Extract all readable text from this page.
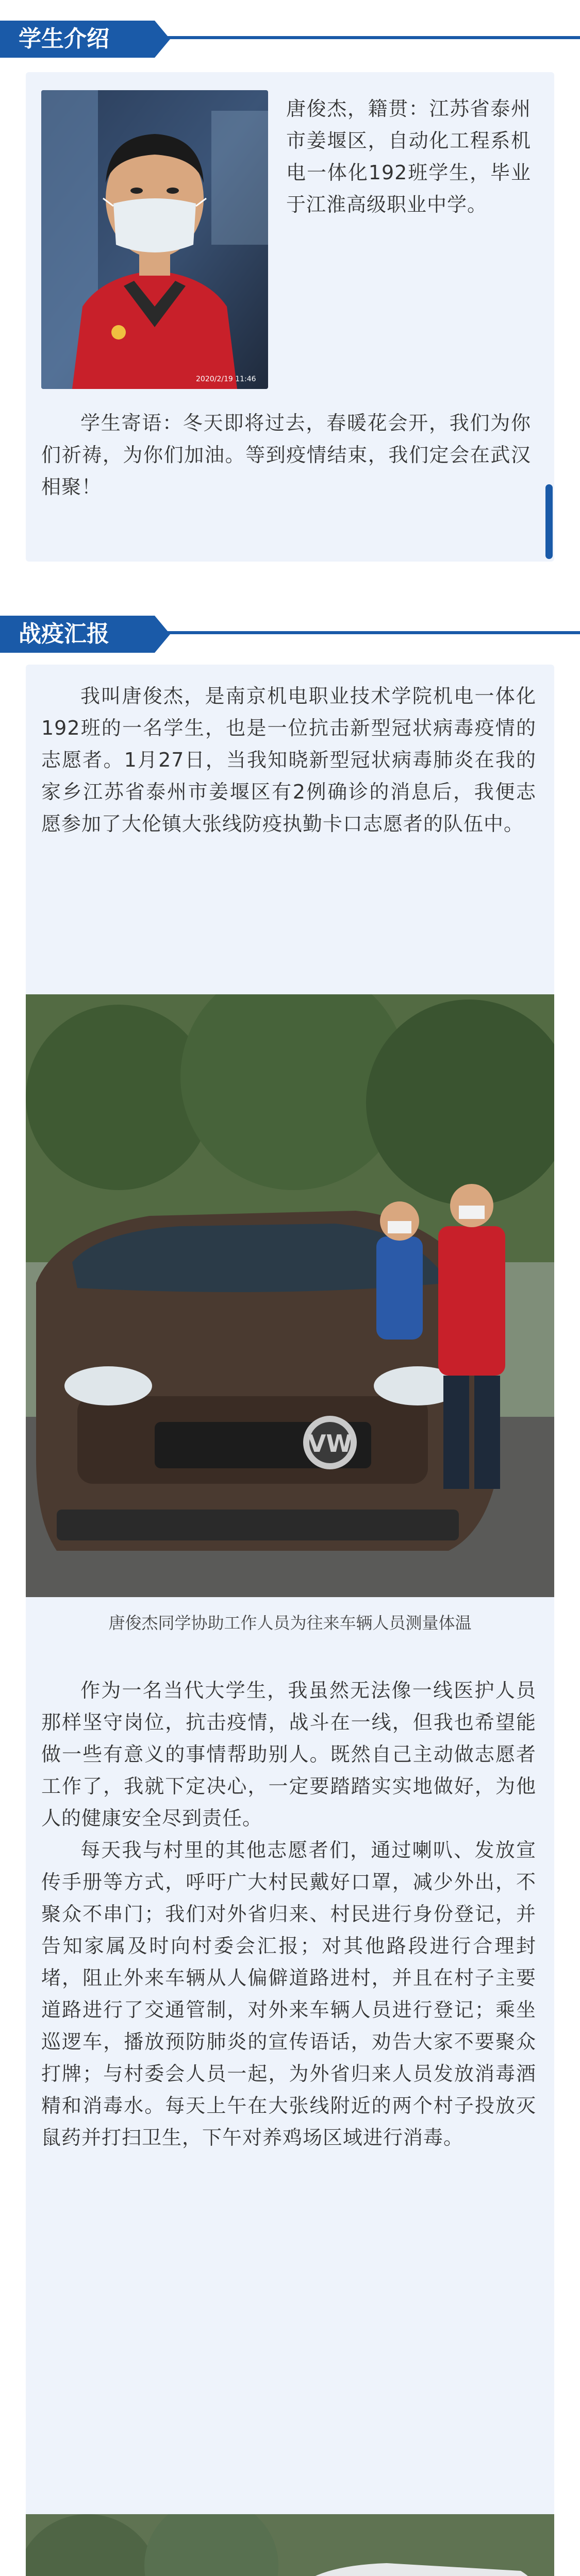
学生介绍
2020/2/19 11:46
唐俊杰，籍贯：江苏省泰州市姜堰区，自动化工程系机电一体化192班学生，毕业于江淮高级职业中学。
学生寄语：冬天即将过去，春暖花会开，我们为你们祈祷，为你们加油。等到疫情结束，我们定会在武汉相聚！
战疫汇报
我叫唐俊杰，是南京机电职业技术学院机电一体化192班的一名学生，也是一位抗击新型冠状病毒疫情的志愿者。1月27日，当我知晓新型冠状病毒肺炎在我的家乡江苏省泰州市姜堰区有2例确诊的消息后，我便志愿参加了大伦镇大张线防疫执勤卡口志愿者的队伍中。
VW
唐俊杰同学协助工作人员为往来车辆人员测量体温
作为一名当代大学生，我虽然无法像一线医护人员那样坚守岗位，抗击疫情，战斗在一线，但我也希望能做一些有意义的事情帮助别人。既然自己主动做志愿者工作了，我就下定决心，一定要踏踏实实地做好，为他人的健康安全尽到责任。
每天我与村里的其他志愿者们，通过喇叭、发放宣传手册等方式，呼吁广大村民戴好口罩，减少外出，不聚众不串门；我们对外省归来、村民进行身份登记，并告知家属及时向村委会汇报；对其他路段进行合理封堵，阻止外来车辆从人偏僻道路进村，并且在村子主要道路进行了交通管制，对外来车辆人员进行登记；乘坐巡逻车，播放预防肺炎的宣传语话，劝告大家不要聚众打牌；与村委会人员一起，为外省归来人员发放消毒酒精和消毒水。每天上午在大张线附近的两个村子投放灭鼠药并打扫卫生，下午对养鸡场区域进行消毒。
